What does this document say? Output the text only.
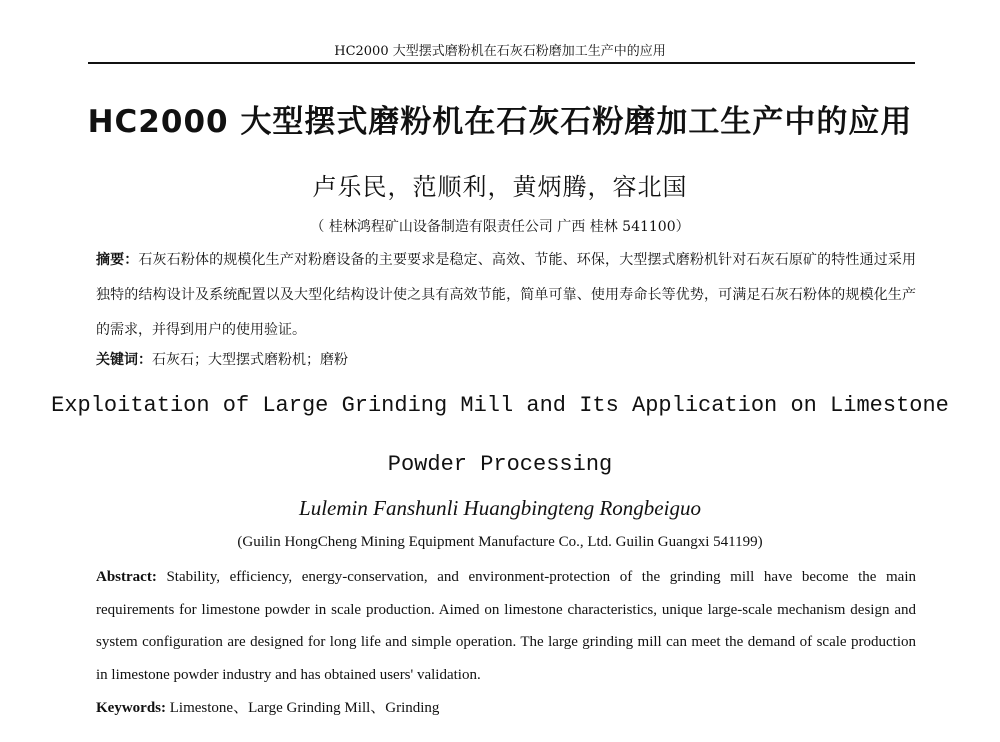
HC2000 大型摆式磨粉机在石灰石粉磨加工生产中的应用
HC2000 大型摆式磨粉机在石灰石粉磨加工生产中的应用
卢乐民，范顺利，黄炳腾，容北国
（ 桂林鸿程矿山设备制造有限责任公司 广西 桂林 541100）
摘要：石灰石粉体的规模化生产对粉磨设备的主要要求是稳定、高效、节能、环保，大型摆式磨粉机针对石灰石原矿的特性通过采用独特的结构设计及系统配置以及大型化结构设计使之具有高效节能，简单可靠、使用寿命长等优势，可满足石灰石粉体的规模化生产的需求，并得到用户的使用验证。
关键词：石灰石；大型摆式磨粉机；磨粉
Exploitation of Large Grinding Mill and Its Application on Limestone
Powder Processing
Lulemin Fanshunli Huangbingteng Rongbeiguo
(Guilin HongCheng Mining Equipment Manufacture Co., Ltd. Guilin Guangxi 541199)
Abstract: Stability, efficiency, energy-conservation, and environment-protection of the grinding mill have become the main requirements for limestone powder in scale production. Aimed on limestone characteristics, unique large-scale mechanism design and system configuration are designed for long life and simple operation. The large grinding mill can meet the demand of scale production in limestone powder industry and has obtained users' validation.
Keywords: Limestone、Large Grinding Mill、Grinding
